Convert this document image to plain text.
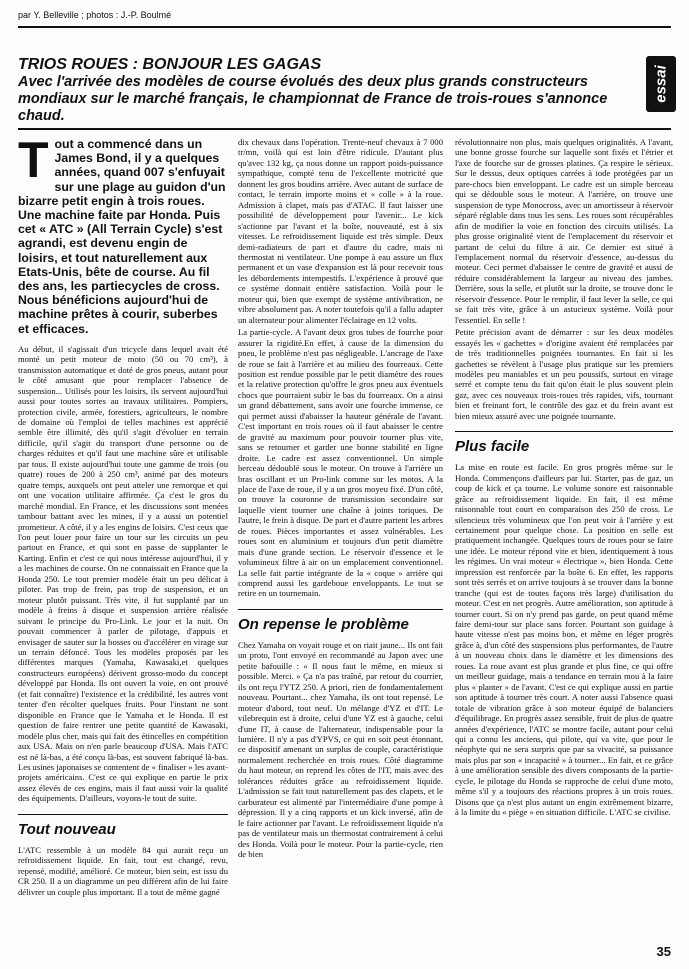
par Y. Belleville ; photos : J.-P. Boulmé
TRIOS ROUES : BONJOUR LES GAGAS
Avec l'arrivée des modèles de course évolués des deux plus grands constructeurs mondiaux sur le marché français, le championnat de France de trois-roues s'annonce chaud.
essai
Tout a commencé dans un James Bond, il y a quelques années, quand 007 s'enfuyait sur une plage au guidon d'un bizarre petit engin à trois roues. Une machine faite par Honda. Puis cet « ATC » (All Terrain Cycle) s'est agrandi, est devenu engin de loisirs, et tout naturellement aux Etats-Unis, bête de course. Au fil des ans, les partiecycles de cross. Nous bénéficions aujourd'hui de machine prêtes à courir, suberbes et efficaces.

Au début, il s'agissait d'un tricycle dans lequel avait été monté un petit moteur de moto (50 ou 70 cm³), à transmission automatique et doté de gros pneus, autant pour le côté amusant que pour remplacer l'absence de suspension... Utilisés pour les loisirs, ils servent aujourd'hui aussi pour toutes sortes au travaux utilitaires. Pompiers, protection civile, armée, forestiers, agriculteurs, le nombre de domaine où l'emploi de telles machines est apprécié semble être illimité, dès qu'il s'agit d'évoluer en terrain difficile, qu'il s'agit du transport d'une personne ou de charges réduites et qu'il faut une machine sûre et utilisable par tous. Il existe aujourd'hui toute une gamme de trois (ou quatre) roues de 200 à 250 cm³, animé par des moteurs quatre temps, auxquels ont peut atteler une remorque et qui ont une vocation utilitaire affirmée. Ça c'est le gros du marché mondial. En France, et les discussions sont menées tambour battant avec les mines, il y a aussi un potentiel prometteur. A côté, il y a les engins de loisirs. C'est ceux que l'on peut louer pour faire un tour sur les circuits un peu partout en France, et qui sont en passe de supplanter le Karting. Enfin et c'est ce qui nous intéresse aujourd'hui, il y a les machines de course. On ne connaissait en France que la Honda 250. Le tout premier modèle était un peu délicat à piloter. Pas trop de frein, pas trop de suspension, et un moteur plutôt puissant. Très vite, il fut supplanté par un modèle à freins à disque et suspension arrière réalisée suivant le principe du Pro-Link. Le jour et la nuit. On pouvait commencer à parler de pilotage, d'appuis et envisager de sauter sur la bosses ou d'accélérer en virage sur un terrain défoncé. Tous les modèles proposés par les différentes marques (Yamaha, Kawasaki,et quelques constructeurs européens) dérivent grosso-modo du concept développé par Honda. Ils ont ouvert la voie, en ont prouvé (et fait connaître) l'existence et la crédibilité, les autres vont tenter d'en récolter quelques fruits. Pour l'instant ne sont disponible en France que le Yamaha et le Honda. Il est question de faire rentrer une petite quantité de Kawasaki, modèle plus cher, mais qui fait des étincelles en compétition aux USA. Mais on n'en parle beaucoup d'USA. Mais l'ATC est né là-bas, a été conçu là-bas, est souvent fabriqué là-bas. Les usines japonaises se contentent de « finaliser » les avant-projets américains. C'est ce qui explique en partie le prix assez élevés de ces engins, mais il faut aussi voir la qualité des équipements. D'ailleurs, voyons-le tout de suite.

Tout nouveau

L'ATC ressemble à un modèle 84 qui aurait reçu un refroidissement liquide. En fait, tout est changé, revu, repensé, modifié, amélioré. Ce moteur, bien sein, est issu du CR 250. Il a un diagramme un peu différent afin de lui faire délivrer un couple plus important. Il a tout de même gagné

dix chevaux dans l'opération. Trente-neuf chevaux à 7 000 tr/mn, voilà qui est loin d'être ridicule. D'autant plus qu'avec 132 kg, ça nous donne un rapport poids-puissance sympathique, compté tenu de l'excellente motricité que donnent les gros boudins arrière. Avec autant de surface de contact, le terrain importe moins et « colle » à la roue. Admission à clapet, mais pas d'ATAC. Il faut laisser une possibilité de développement pour l'avenir... Le kick s'actionne par l'avant et la boîte, nouveauté, est à six vitesses. Le refroidissement liquide est très simple. Deux demi-radiateurs de part et d'autre du cadre, mais ni thermostat ni ventilateur. Une pompe à eau assure un flux permanent et un vase d'expansion est là pour recevoir tous les débordements intempestifs. L'expérience à prouvé que ce système donnait entière satisfaction. Voilà pour le moteur qui, bien que exempt de système antivibration, ne vibre absolument pas. A noter toutefois qu'il a fallu adapter un alternateur pour alimenter l'éclairage en 12 volts.

La partie-cycle. A l'avant deux gros tubes de fourche pour assurer la rigidité.En effet, à cause de la dimension du pneu, le problème n'est pas négligeable. L'ancrage de l'axe de roue se fait à l'arrière et au milieu des fourreaux. Cette position est rendue possible par le petit diamètre des roues et la relative protection qu'offre le gros pneu aux éventuels chocs que pourraient subir le bas du fourreaux. On a ainsi un grand débattement, sans avoir une fourche immense, ce qui permet aussi d'abaisser la hauteur générale de l'avant. C'est important en trois roues où il faut abaisser le centre de gravité au maximum pour pouvoir tourner plus vite, sans se retourner et garder une bonne stabilité en ligne droite. Le cadre est assez conventionnel. Un simple berceau dédoublé sous le moteur. On trouve à l'arrière un bras oscillant et un Pro-link comme sur les motos. A la place de l'axe de roue, il y a un gros moyeu fixé. D'un côté, on trouve la couronne de transmission secondaire sur laquelle vient tourner une chaîne à joints toriques. De l'autre, le frein à disque. De part et d'autre partent les arbres de roues. Pièces importantes et assez vulnérables. Les roues sont en aluminium et toujours d'un petit diamètre mais d'une grande section. Le réservoir d'essence et le volumineux filtre à air on un emplacement conventionnel. La selle fait partie intégrante de la « coque » arrière qui comprend aussi les gardeboue enveloppants. Le tout se retire en un tournemain.

On repense le problème

Chez Yamaha on voyait rouge et on riait jaune... Ils ont fait un proto, l'ont envoyé en recommandé au Japon avec une petite bafouille : « Il nous faut le même, en mieux si possible. Merci. » Ça n'a pas traîné, par retour du courrier, ils ont reçu l'YTZ 250. A priori, rien de fondamentalement nouveau. Pourtant... chez Yamaha, ils ont tout repensé. Le moteur d'abord, tout neuf. Un mélange d'YZ et d'IT. Le vilebrequin est à droite, celui d'une YZ est à gauche, celui d'une IT, à cause de l'alternateur, indispensable pour la lumière. Il n'y a pas d'YPVS, ce qui en soit peut étonnant, ce dispositif amenant un surplus de couple, caractéristique normalement recherchée en trois roues. Côté diagramme du haut moteur, on reprend les côtes de l'IT, mais avec des tolérances réduites grâce au refroidissement liquide. L'admission se fait tout naturellement pas des clapets, et le carburateur est alimenté par l'intermédiaire d'une pompe à dépression. Il y a cinq rapports et un kick inversé, afin de le faire actionner par l'avant. Le refroidissement liquide n'a pas de ventilateur mais un thermostat contrairement à celui des Honda. Voilà pour le moteur. Pour la partie-cycle, rien de bien

révolutionnaire non plus, mais quelques originalités. A l'avant, une bonne grosse fourche sur laquelle sont fixés et l'étrier et l'axe de fourche sur de grosses platines. Ça respire le sérieux. Sur le dessus, deux optiques carrées à iode protégées par un pare-chocs bien enveloppant. Le cadre est un simple berceau qui se dédouble sous le moteur. A l'arrière, on trouve une suspension de type Monocross, avec un amortisseur à réservoir séparé réglable dans tous les sens. Les roues sont récupérables afin de modifier la voie en fonction des circuits utilisés. La plus grosse originalité vient de l'emplacement du réservoir et partant de celui du filtre à air. Ce dernier est situé à l'emplacement normal du réservoir d'essence, au-dessus du moteur. Ceci permet d'abaisser le centre de gravité et aussi de réduire considérablement la largeur au niveau des jambes. Derrière, sous la selle, et plutôt sur la droite, se trouve donc le réservoir d'essence. Pour le remplir, il faut lever la selle, ce qui se fait très vite, grâce à un astucieux système. Voilà pour l'essentiel. En selle !

Petite précision avant de démarrer : sur les deux modèles essayés les « gachettes » d'origine avaient été remplacées par de très traditionnelles poignées tournantes. En fait si les gachettes se révèlent à l'usage plus pratique sur les premiers modèles peu maniables et un peu poussifs, surtout en virage serré et compte tenu du fait qu'on était le plus souvent plein gaz, avec ces nouveaux trois-roues très rapides, vifs, tournant bien et freinant fort, le contrôle des gaz et du frein avant est bien mieux assuré avec une poignée tournante.

Plus facile

La mise en route est facile. En gros progrès même sur le Honda. Commençons d'ailleurs par lui. Starter, pas de gaz, un coup de kick et ça tourne. Le volume sonore est raisonnable grâce au refroidissement liquide. En fait, il est même raisonnable tout court en comparaison des 250 de cross. Le silencieux très volumineux que l'on peut voir à l'arrière y est certainement pour quelque chose. La position en selle est pratiquement inchangée. Quelques tours de roues pour se faire une idée. Le moteur répond vite et bien, identiquement à tous les régimes. Un vrai moteur « électrique », bien Honda. Cette impression est renforcée par la boîte 6. En effet, les rapports sont très serrés et on arrive toujours à se trouver dans la bonne tranche (qui est de toutes façons très large) d'utilisation du moteur. C'est en net progrès. Autre amélioration, son aptitude à tourner court. Si on n'y prend pas garde, on peut quand même faire demi-tour sur place sans forcer. Pourtant son guidage à haute vitesse n'est pas moins bon, et même en léger progrès grâce à, d'un côté des suspensions plus performantes, de l'autre à un nouveau choix dans le diamètre et les dimensions des roues. La roue avant est plus grande et plus fine, ce qui offre un meilleur guidage, mais a tendance en terrain mou à la faire plus « planter » de l'avant. C'est ce qui explique aussi en partie son aptitude à tourner très court. A noter aussi l'absence quasi totale de vibration grâce à son moteur équipé de balanciers d'équilibrage. En progrès assez sensible, fruit de plus de quatre années d'expérience, l'ATC se montre facile, autant pour celui qui a connu les anciens, qui pilote, qui va vite, que pour le néophyte qui ne sera surpris que par sa vivacité, sa puissance mais plus par son « incapacité » à tourner... En fait, et ce grâce à une amélioration sensible des divers composants de la partie-cycle, le pilotage du Honda se rapproche de celui d'une moto, même s'il y a toujours des réactions propres à un trois roues. Disons que ça n'est plus autant un engin extrêmement bizarre, à la limite du « piège » en situation difficile. L'ATC se civilise.

35
